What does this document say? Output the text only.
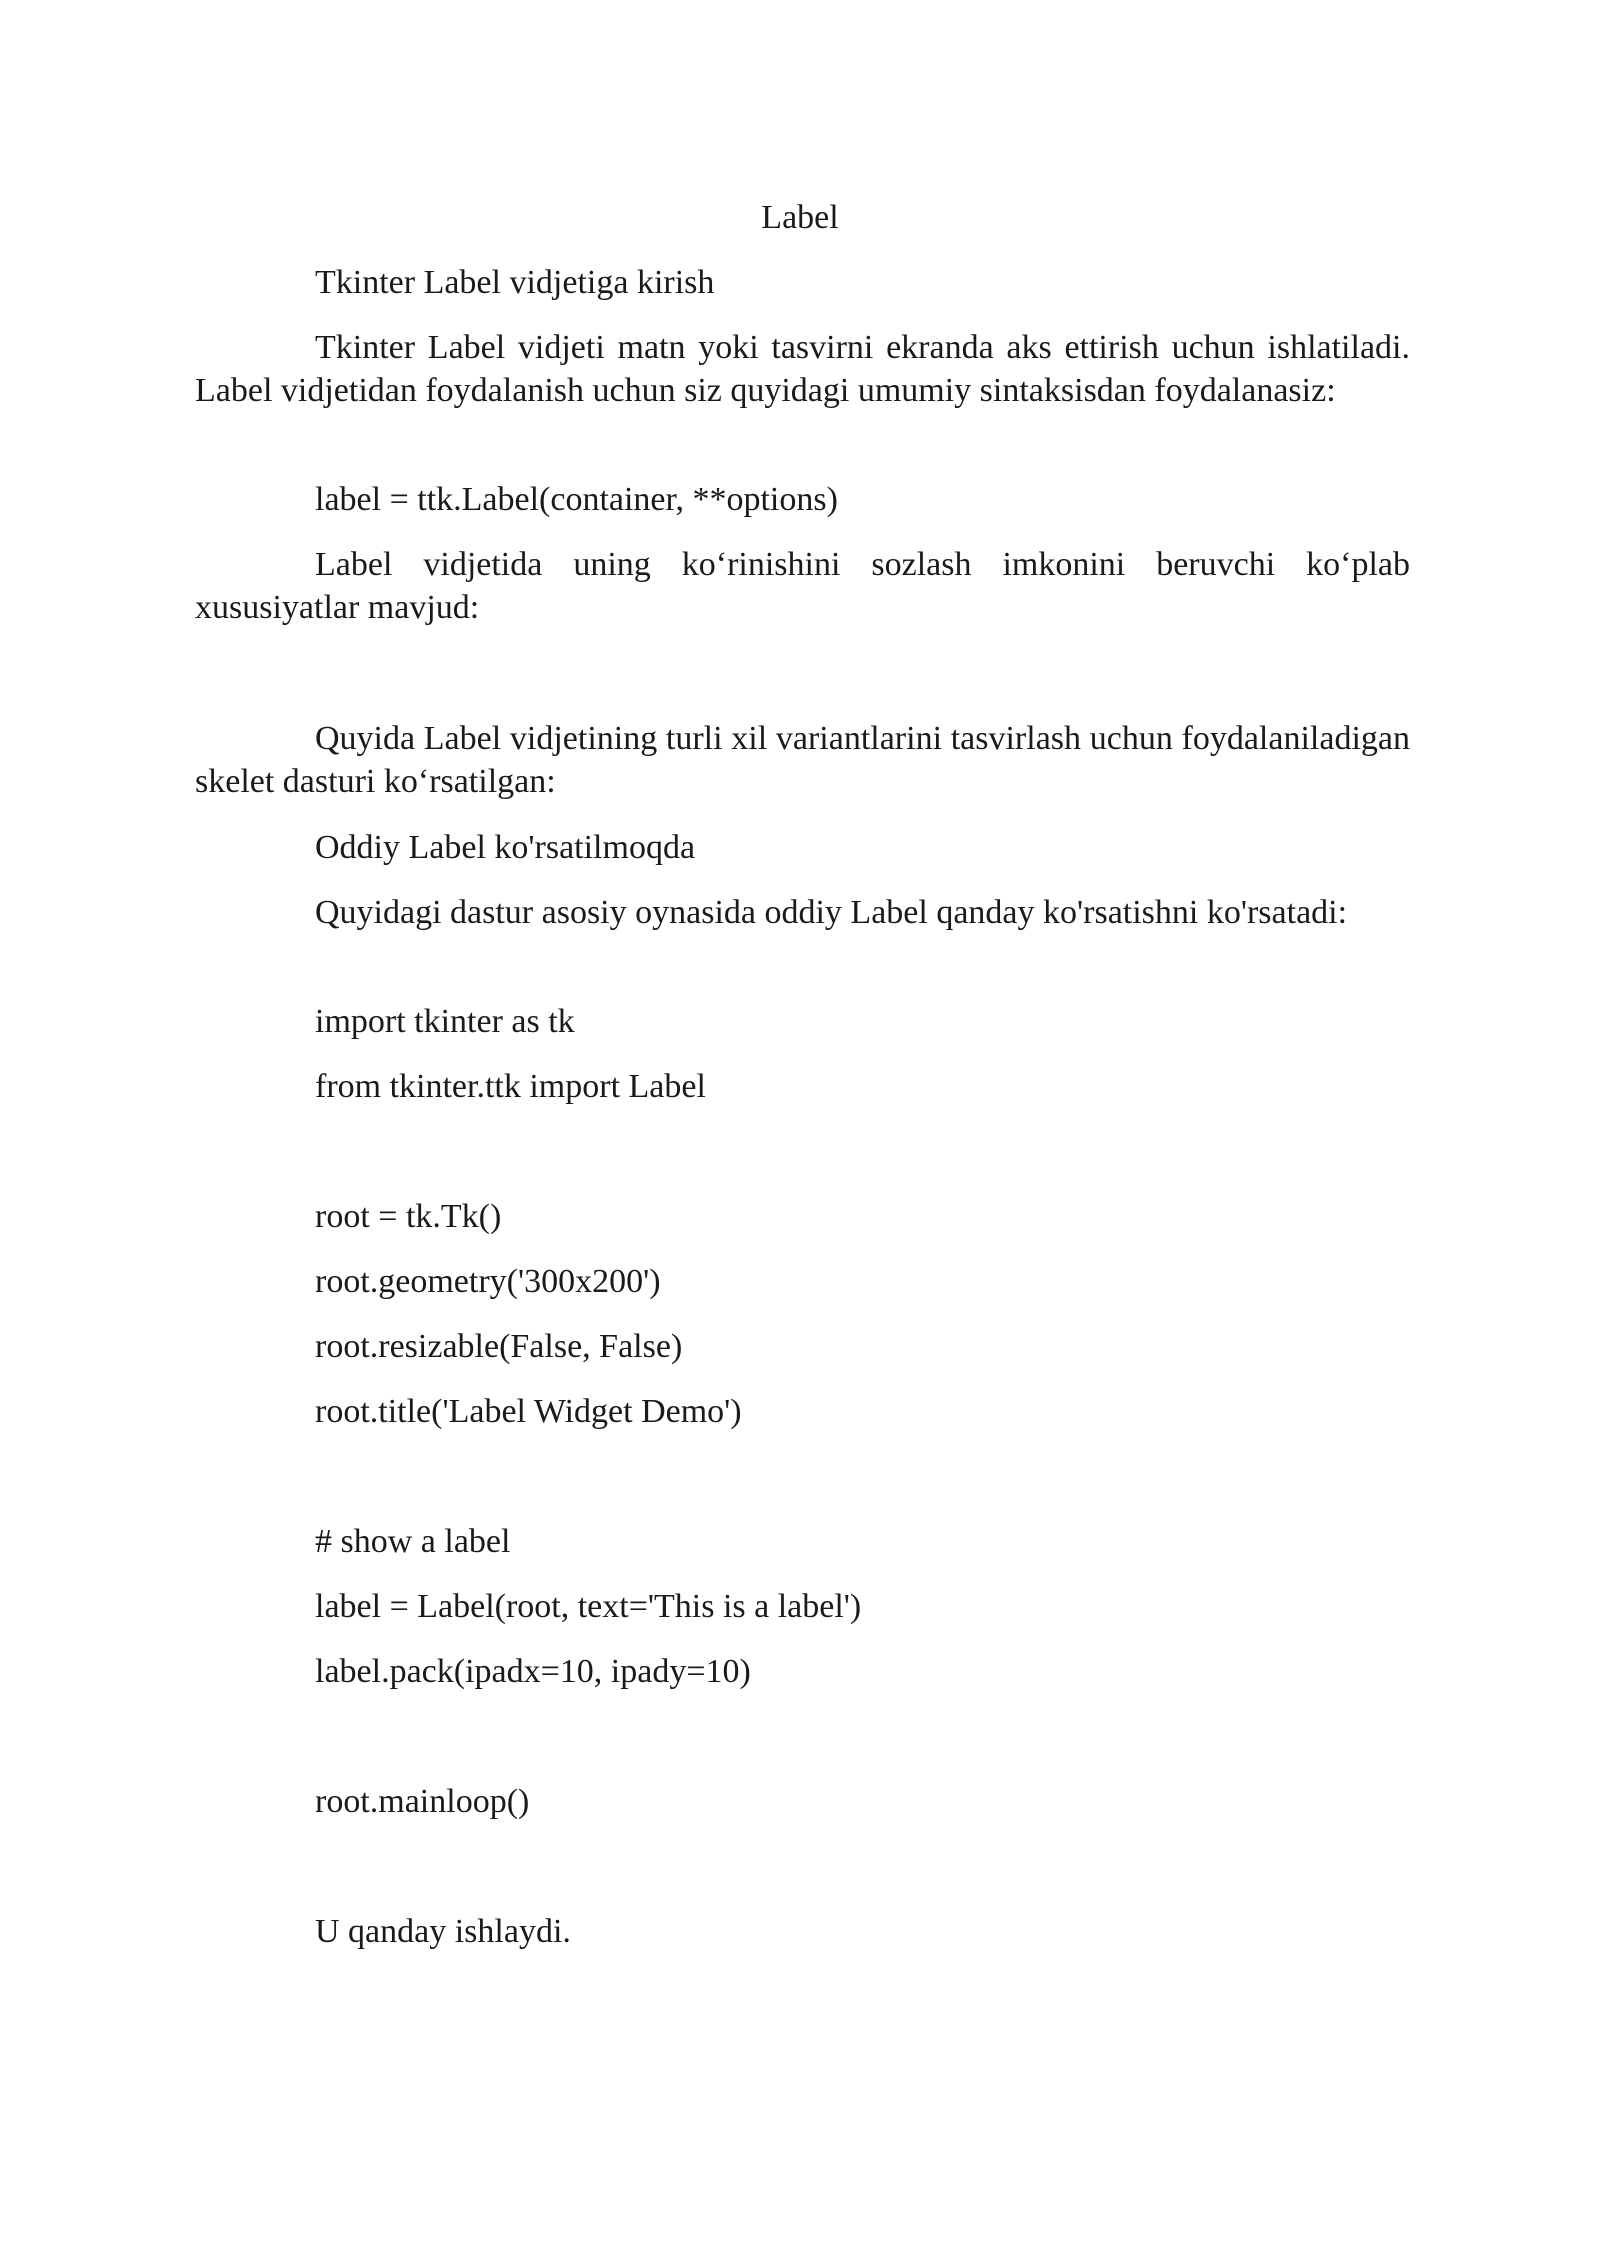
Label

Tkinter Label vidjetiga kirish

Tkinter Label vidjeti matn yoki tasvirni ekranda aks ettirish uchun ishlatiladi. Label vidjetidan foydalanish uchun siz quyidagi umumiy sintaksisdan foydalanasiz:

label = ttk.Label(container, **options)

Label vidjetida uning ko‘rinishini sozlash imkonini beruvchi ko‘plab xususiyatlar mavjud:

Quyida Label vidjetining turli xil variantlarini tasvirlash uchun foydalaniladigan skelet dasturi ko‘rsatilgan:

Oddiy Label ko'rsatilmoqda

Quyidagi dastur asosiy oynasida oddiy Label qanday ko'rsatishni ko'rsatadi:

import tkinter as tk

from tkinter.ttk import Label

root = tk.Tk()

root.geometry('300x200')

root.resizable(False, False)

root.title('Label Widget Demo')

# show a label

label = Label(root, text='This is a label')

label.pack(ipadx=10, ipady=10)

root.mainloop()

U qanday ishlaydi.
